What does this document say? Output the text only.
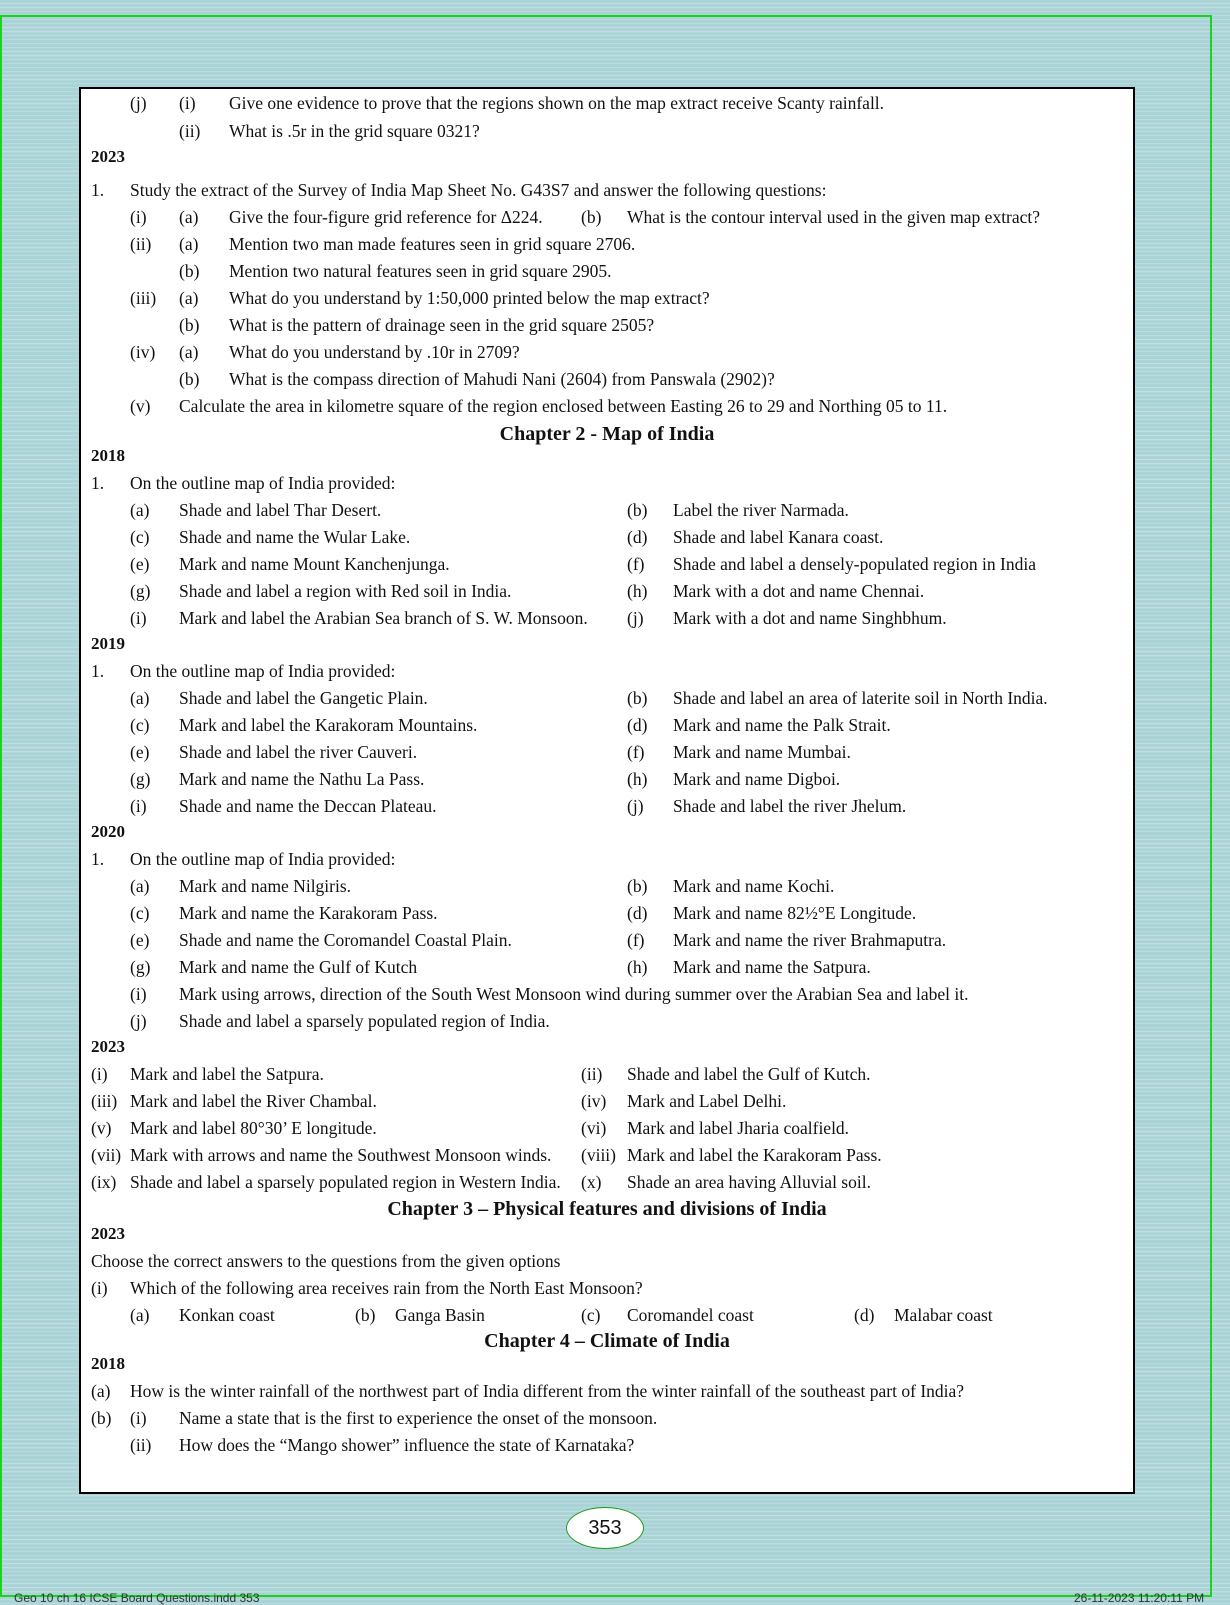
(j) (i) Give one evidence to prove that the regions shown on the map extract receive Scanty rainfall.
(ii) What is .5r in the grid square 0321?
2023
1. Study the extract of the Survey of India Map Sheet No. G43S7 and answer the following questions:
(i) (a) Give the four-figure grid reference for Δ224. (b) What is the contour interval used in the given map extract?
(ii) (a) Mention two man made features seen in grid square 2706.
(b) Mention two natural features seen in grid square 2905.
(iii) (a) What do you understand by 1:50,000 printed below the map extract?
(b) What is the pattern of drainage seen in the grid square 2505?
(iv) (a) What do you understand by .10r in 2709?
(b) What is the compass direction of Mahudi Nani (2604) from Panswala (2902)?
(v) Calculate the area in kilometre square of the region enclosed between Easting 26 to 29 and Northing 05 to 11.
Chapter 2 - Map of India
2018
1. On the outline map of India provided:
(a) Shade and label Thar Desert.	(b) Label the river Narmada.
(c) Shade and name the Wular Lake.	(d) Shade and label Kanara coast.
(e) Mark and name Mount Kanchenjunga.	(f) Shade and label a densely-populated region in India
(g) Shade and label a region with Red soil in India.	(h) Mark with a dot and name Chennai.
(i) Mark and label the Arabian Sea branch of S. W. Monsoon. (j) Mark with a dot and name Singhbhum.
2019
1. On the outline map of India provided:
(a) Shade and label the Gangetic Plain.	(b) Shade and label an area of laterite soil in North India.
(c) Mark and label the Karakoram Mountains.	(d) Mark and name the Palk Strait.
(e) Shade and label the river Cauveri.	(f) Mark and name Mumbai.
(g) Mark and name the Nathu La Pass.	(h) Mark and name Digboi.
(i) Shade and name the Deccan Plateau.	(j) Shade and label the river Jhelum.
2020
1. On the outline map of India provided:
(a) Mark and name Nilgiris.	(b) Mark and name Kochi.
(c) Mark and name the Karakoram Pass.	(d) Mark and name 82½°E Longitude.
(e) Shade and name the Coromandel Coastal Plain.	(f) Mark and name the river Brahmaputra.
(g) Mark and name the Gulf of Kutch	(h) Mark and name the Satpura.
(i) Mark using arrows, direction of the South West Monsoon wind during summer over the Arabian Sea and label it.
(j) Shade and label a sparsely populated region of India.
2023
(i) Mark and label the Satpura.	(ii) Shade and label the Gulf of Kutch.
(iii) Mark and label the River Chambal.	(iv) Mark and Label Delhi.
(v) Mark and label 80°30’ E longitude.	(vi) Mark and label Jharia coalfield.
(vii) Mark with arrows and name the Southwest Monsoon winds. (viii) Mark and label the Karakoram Pass.
(ix) Shade and label a sparsely populated region in Western India. (x) Shade an area having Alluvial soil.
Chapter 3 – Physical features and divisions of India
2023
Choose the correct answers to the questions from the given options
(i) Which of the following area receives rain from the North East Monsoon?
(a) Konkan coast	(b) Ganga Basin	(c) Coromandel coast	(d) Malabar coast
Chapter 4 – Climate of India
2018
(a) How is the winter rainfall of the northwest part of India different from the winter rainfall of the southeast part of India?
(b) (i) Name a state that is the first to experience the onset of the monsoon.
(ii) How does the “Mango shower” influence the state of Karnataka?
353
Geo 10 ch 16 ICSE Board Questions.indd 353	26-11-2023 11:20:11 PM
